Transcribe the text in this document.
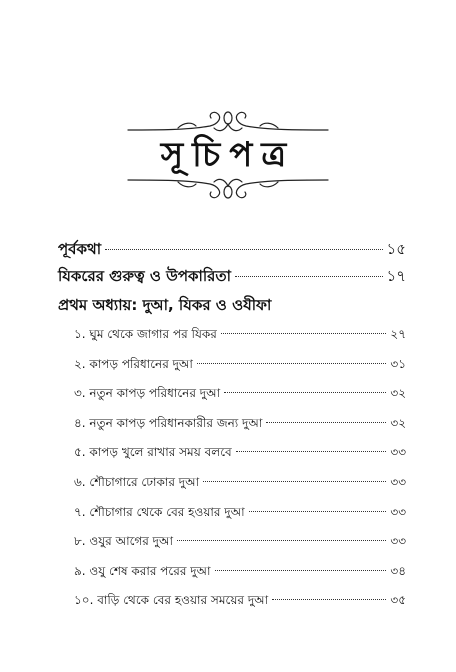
সূচিপত্র
পূর্বকথা	১৫
যিকরের গুরুত্ব ও উপকারিতা	১৭
প্রথম অধ্যায়: দুআ, যিকর ও ওযীফা
১. ঘুম থেকে জাগার পর যিকর	২৭
২. কাপড় পরিধানের দুআ	৩১
৩. নতুন কাপড় পরিধানের দুআ	৩২
৪. নতুন কাপড় পরিধানকারীর জন্য দুআ	৩২
৫. কাপড় খুলে রাখার সময় বলবে	৩৩
৬. শৌচাগারে ঢোকার দুআ	৩৩
৭. শৌচাগার থেকে বের হওয়ার দুআ	৩৩
৮. ওযুর আগের দুআ	৩৩
৯. ওযু শেষ করার পরের দুআ	৩৪
১০. বাড়ি থেকে বের হওয়ার সময়ের দুআ	৩৫
